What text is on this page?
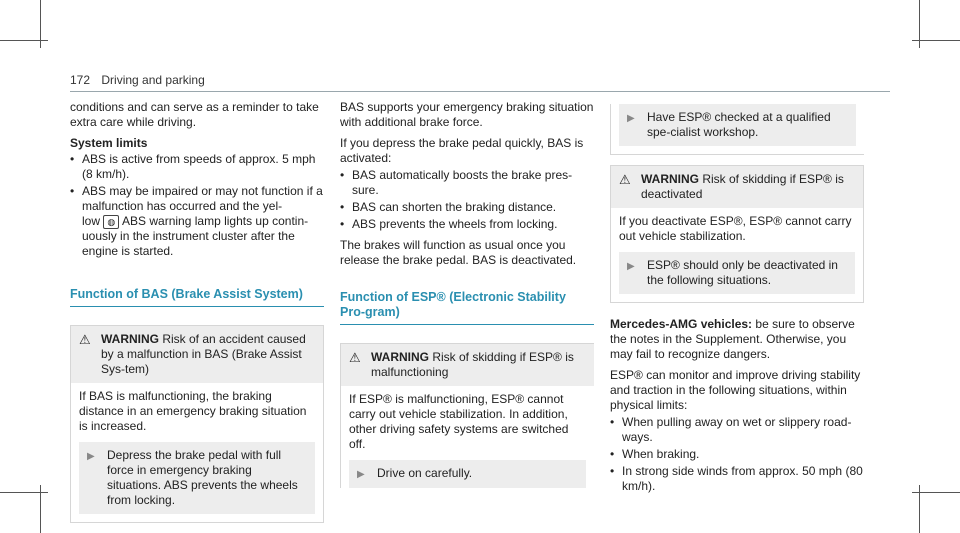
172 Driving and parking

conditions and can serve as a reminder to take extra care while driving.

System limits

• ABS is active from speeds of approx. 5 mph (8 km/h).
• ABS may be impaired or may not function if a malfunction has occurred and the yel-

low ◍ ABS warning lamp lights up contin-uously in the instrument cluster after the engine is started.

Function of BAS (Brake Assist System)
⚠ WARNING Risk of an accident caused by a malfunction in BAS (Brake Assist Sys-tem)
If BAS is malfunctioning, the braking distance in an emergency braking situation is increased.
▶	Depress the brake pedal with full force in emergency braking situations. ABS prevents the wheels from locking.

BAS supports your emergency braking situation with additional brake force.

If you depress the brake pedal quickly, BAS is activated:

• BAS automatically boosts the brake pres-sure.
• BAS can shorten the braking distance.
• ABS prevents the wheels from locking.

The brakes will function as usual once you release the brake pedal. BAS is deactivated.

Function of ESP® (Electronic Stability Pro-gram)
⚠ WARNING Risk of skidding if ESP® is malfunctioning
If ESP® is malfunctioning, ESP® cannot carry out vehicle stabilization. In addition, other driving safety systems are switched off.
▶	Drive on carefully.
▶	Have ESP® checked at a qualified spe-cialist workshop.
⚠ WARNING Risk of skidding if ESP® is deactivated
If you deactivate ESP®, ESP® cannot carry out vehicle stabilization.
▶	ESP® should only be deactivated in the following situations.

Mercedes-AMG vehicles: be sure to observe the notes in the Supplement. Otherwise, you may fail to recognize dangers.

ESP® can monitor and improve driving stability and traction in the following situations, within physical limits:

• When pulling away on wet or slippery road-ways.
• When braking.
• In strong side winds from approx. 50 mph (80 km/h).
